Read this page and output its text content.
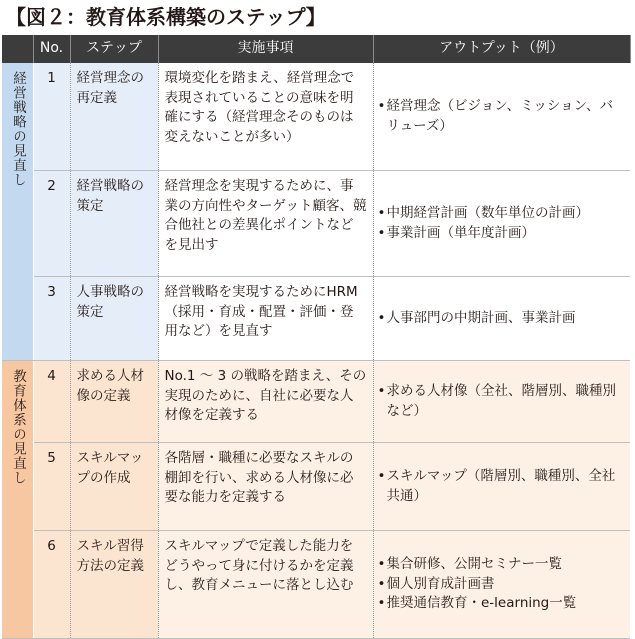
【図２：教育体系構築のステップ】
	No.	ステップ	実施事項	アウトプット（例）
経営戦略の見直し	1	経営理念の再定義	環境変化を踏まえ、経営理念で表現されていることの意味を明確にする（経営理念そのものは変えないことが多い）	• 経営理念（ビジョン、ミッション、バリューズ）

	2	経営戦略の策定	経営理念を実現するために、事業の方向性やターゲット顧客、競合他社との差異化ポイントなどを見出す	• 中期経営計画（数年単位の計画）
• 事業計画（単年度計画）

	3	人事戦略の策定	経営戦略を実現するためにHRM（採用・育成・配置・評価・登用など）を見直す	• 人事部門の中期計画、事業計画

教育体系の見直し	4	求める人材像の定義	No.1 ～ 3 の戦略を踏まえ、その実現のために、自社に必要な人材像を定義する	• 求める人材像（全社、階層別、職種別など）

	5	スキルマップの作成	各階層・職種に必要なスキルの棚卸を行い、求める人材像に必要な能力を定義する	• スキルマップ（階層別、職種別、全社共通）

	6	スキル習得方法の定義	スキルマップで定義した能力をどうやって身に付けるかを定義し、教育メニューに落とし込む	• 集合研修、公開セミナー一覧
• 個人別育成計画書
• 推奨通信教育・e-learning一覧
